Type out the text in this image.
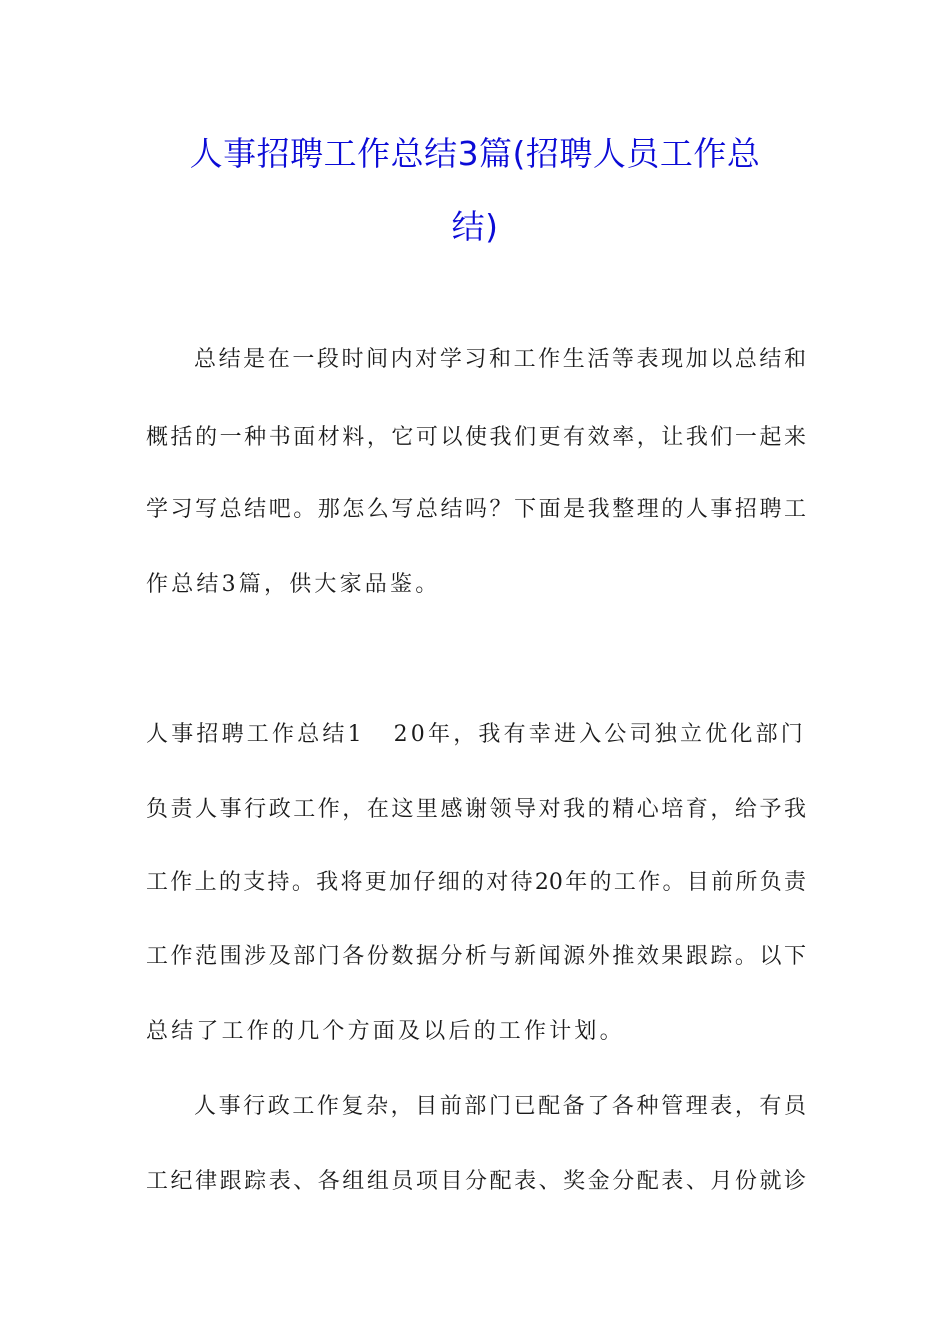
人事招聘工作总结3篇(招聘人员工作总
结)
总结是在一段时间内对学习和工作生活等表现加以总结和
概括的一种书面材料，它可以使我们更有效率，让我们一起来
学习写总结吧。那怎么写总结吗？下面是我整理的人事招聘工
作总结3篇，供大家品鉴。
人事招聘工作总结1 20年，我有幸进入公司独立优化部门
负责人事行政工作，在这里感谢领导对我的精心培育，给予我
工作上的支持。我将更加仔细的对待20年的工作。目前所负责
工作范围涉及部门各份数据分析与新闻源外推效果跟踪。以下
总结了工作的几个方面及以后的工作计划。
人事行政工作复杂，目前部门已配备了各种管理表，有员
工纪律跟踪表、各组组员项目分配表、奖金分配表、月份就诊
